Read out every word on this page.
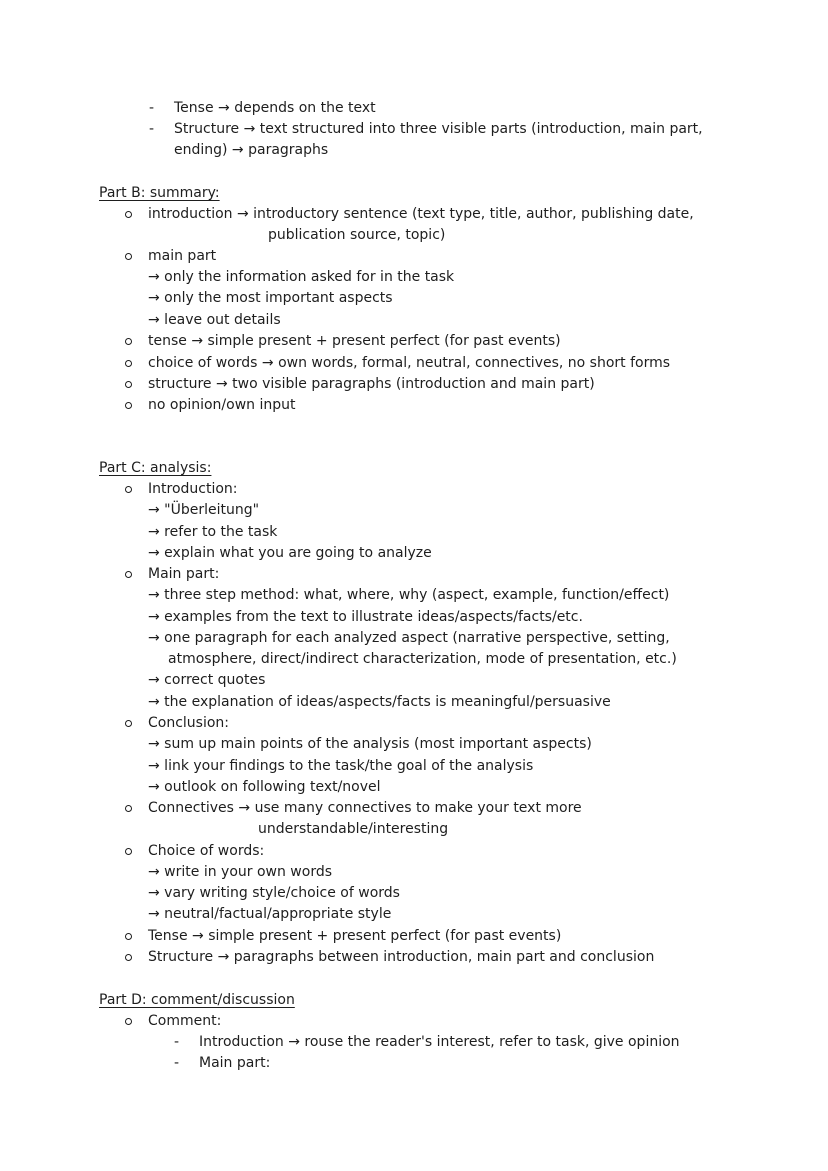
- Tense → depends on the text
- Structure → text structured into three visible parts (introduction, main part,
ending) → paragraphs
Part B: summary:
introduction → introductory sentence (text type, title, author, publishing date,
publication source, topic)
main part
→ only the information asked for in the task
→ only the most important aspects
→ leave out details
tense → simple present + present perfect (for past events)
choice of words → own words, formal, neutral, connectives, no short forms
structure → two visible paragraphs (introduction and main part)
no opinion/own input
Part C: analysis:
Introduction:
→ "Überleitung"
→ refer to the task
→ explain what you are going to analyze
Main part:
→ three step method: what, where, why (aspect, example, function/effect)
→ examples from the text to illustrate ideas/aspects/facts/etc.
→ one paragraph for each analyzed aspect (narrative perspective, setting,
atmosphere, direct/indirect characterization, mode of presentation, etc.)
→ correct quotes
→ the explanation of ideas/aspects/facts is meaningful/persuasive
Conclusion:
→ sum up main points of the analysis (most important aspects)
→ link your findings to the task/the goal of the analysis
→ outlook on following text/novel
Connectives → use many connectives to make your text more
understandable/interesting
Choice of words:
→ write in your own words
→ vary writing style/choice of words
→ neutral/factual/appropriate style
Tense → simple present + present perfect (for past events)
Structure → paragraphs between introduction, main part and conclusion
Part D: comment/discussion
Comment:
- Introduction → rouse the reader's interest, refer to task, give opinion
- Main part:
